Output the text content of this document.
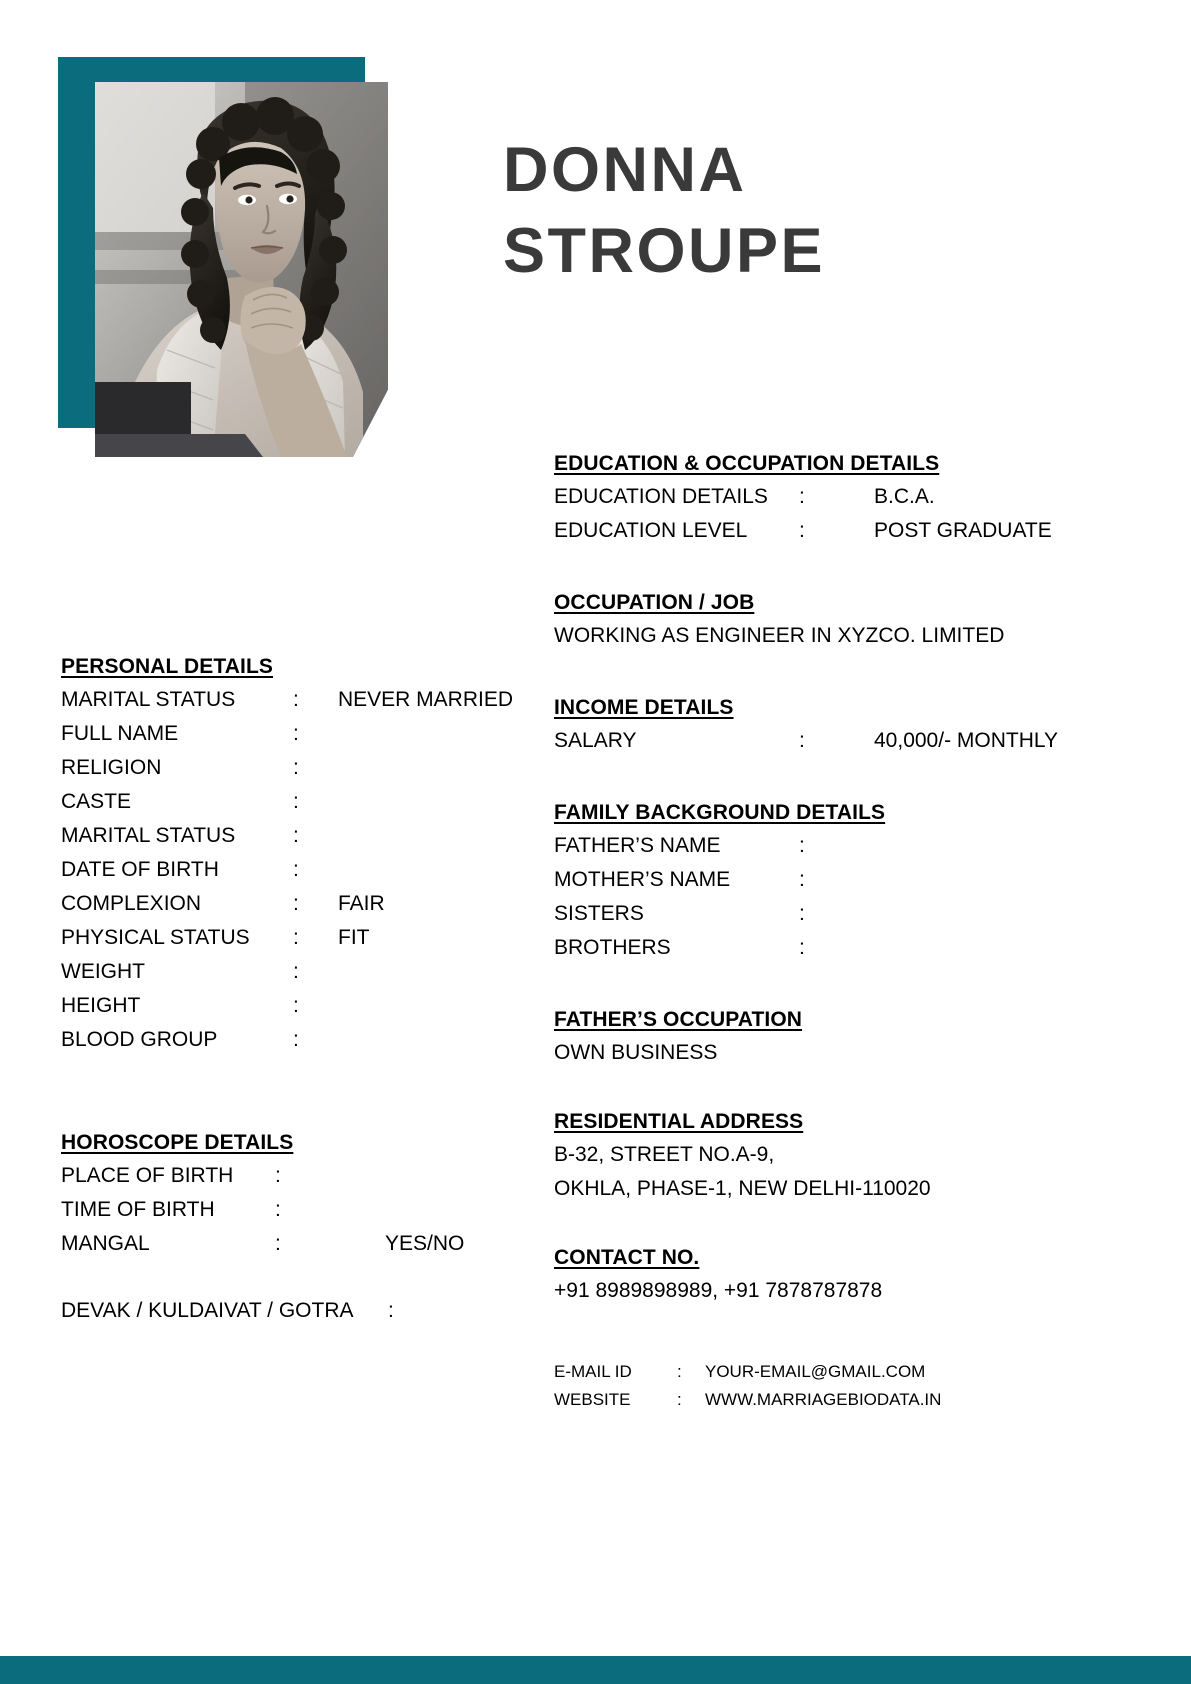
DONNA
STROUPE
PERSONAL DETAILS
MARITAL STATUS	:	NEVER MARRIED
FULL NAME	:
RELIGION	:
CASTE	:
MARITAL STATUS	:
DATE OF BIRTH	:
COMPLEXION	:	FAIR
PHYSICAL STATUS	:	FIT
WEIGHT	:
HEIGHT	:
BLOOD GROUP	:
HOROSCOPE DETAILS
PLACE OF BIRTH	:
TIME OF BIRTH	:
MANGAL	:	YES/NO
DEVAK / KULDAIVAT / GOTRA	:
EDUCATION & OCCUPATION DETAILS
EDUCATION DETAILS	:	B.C.A.
EDUCATION LEVEL	:	POST GRADUATE
OCCUPATION / JOB
WORKING AS ENGINEER IN XYZCO. LIMITED
INCOME DETAILS
SALARY	:	40,000/- MONTHLY
FAMILY BACKGROUND DETAILS
FATHER’S NAME	:
MOTHER’S NAME	:
SISTERS	:
BROTHERS	:
FATHER’S OCCUPATION
OWN BUSINESS
RESIDENTIAL ADDRESS
B-32, STREET NO.A-9,
OKHLA, PHASE-1, NEW DELHI-110020
CONTACT NO.
+91 8989898989, +91 7878787878
E-MAIL ID	:	YOUR-EMAIL@GMAIL.COM
WEBSITE	:	WWW.MARRIAGEBIODATA.IN
